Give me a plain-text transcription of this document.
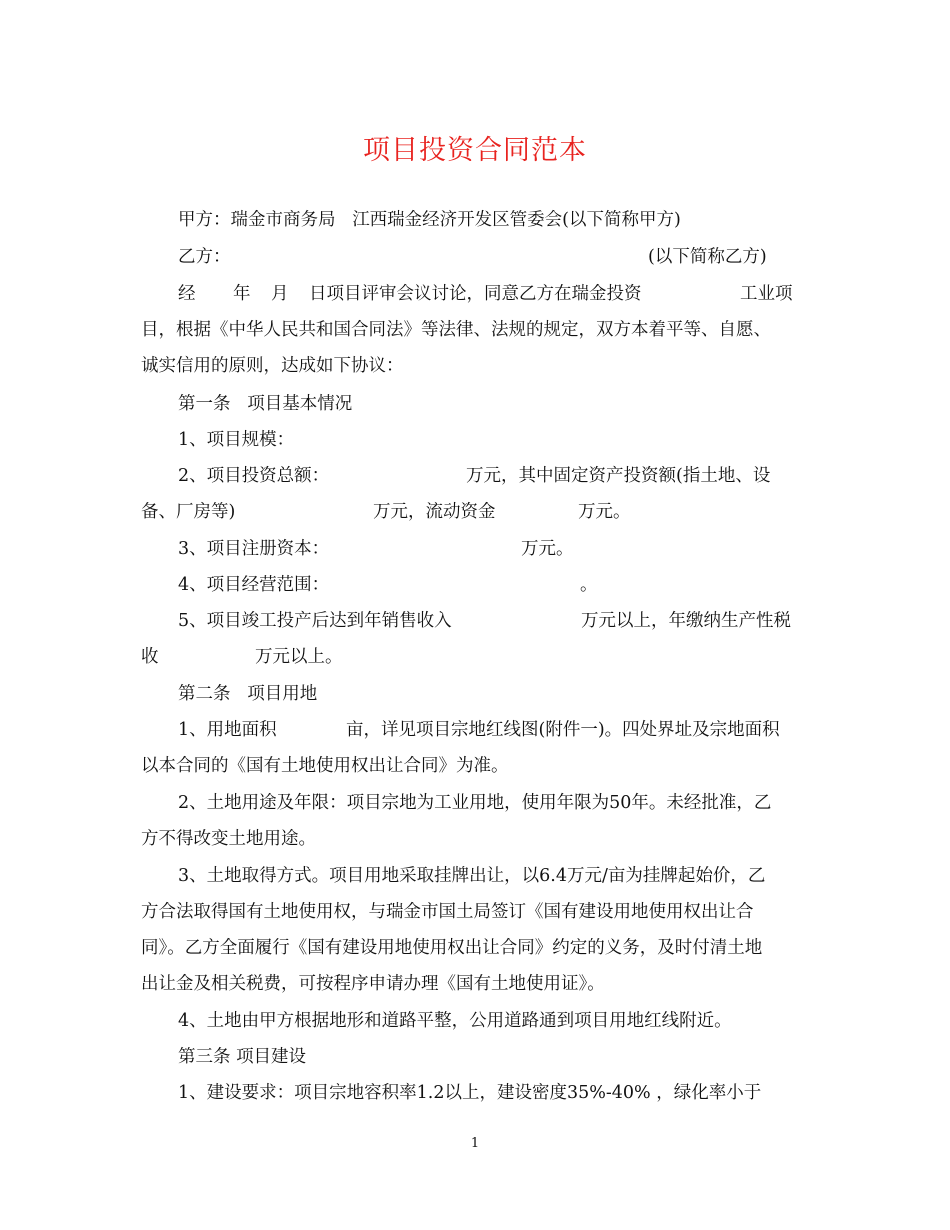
项目投资合同范本
甲方：瑞金市商务局   江西瑞金经济开发区管委会(以下简称甲方)
乙方：	(以下简称乙方)
经 年 月 日项目评审会议讨论，同意乙方在瑞金投资	工业项
目，根据《中华人民共和国合同法》等法律、法规的规定，双方本着平等、自愿、
诚实信用的原则，达成如下协议：
第一条   项目基本情况
1、项目规模：
2、项目投资总额：	万元，其中固定资产投资额(指土地、设
备、厂房等)	万元，流动资金	万元。
3、项目注册资本：	万元。
4、项目经营范围：	。
5、项目竣工投产后达到年销售收入	万元以上，年缴纳生产性税
收	万元以上。
第二条   项目用地
1、用地面积	亩，详见项目宗地红线图(附件一)。四处界址及宗地面积
以本合同的《国有土地使用权出让合同》为准。
2、土地用途及年限：项目宗地为工业用地，使用年限为50年。未经批准，乙
方不得改变土地用途。
3、土地取得方式。项目用地采取挂牌出让，以6.4万元/亩为挂牌起始价，乙
方合法取得国有土地使用权，与瑞金市国土局签订《国有建设用地使用权出让合
同》。乙方全面履行《国有建设用地使用权出让合同》约定的义务，及时付清土地
出让金及相关税费，可按程序申请办理《国有土地使用证》。
4、土地由甲方根据地形和道路平整，公用道路通到项目用地红线附近。
第三条 项目建设
1、建设要求：项目宗地容积率1.2以上，建设密度35%-40% ，绿化率小于
1
